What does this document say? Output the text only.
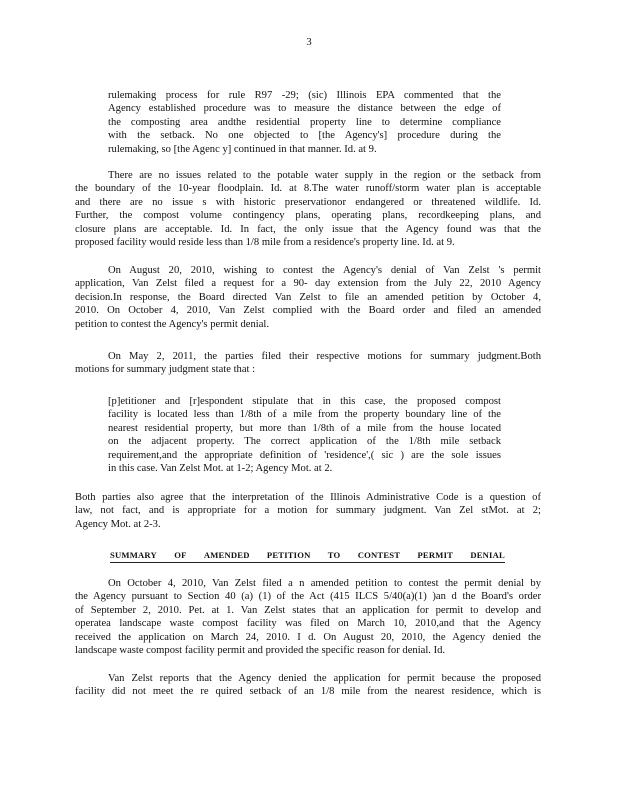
3
rulemaking process for rule R97 -29; (sic) Illinois EPA commented that the
Agency established procedure was to measure the distance between the edge of
the composting area andthe residential property line to determine compliance
with the setback. No one objected to [the Agency's] procedure during the
rulemaking, so [the Agenc y] continued in that manner. Id. at 9.
There are no issues related to the potable water supply in the region or the setback from
the boundary of the 10-year floodplain. Id. at 8.The water runoff/storm water plan is acceptable
and there are no issue s with historic preservationor endangered or threatened wildlife. Id.
Further, the compost volume contingency plans, operating plans, recordkeeping plans, and
closure plans are acceptable. Id. In fact, the only issue that the Agency found was that the
proposed facility would reside less than 1/8 mile from a residence's property line. Id. at 9.
On August 20, 2010, wishing to contest the Agency's denial of Van Zelst 's permit
application, Van Zelst filed a request for a 90- day extension from the July 22, 2010 Agency
decision.In response, the Board directed Van Zelst to file an amended petition by October 4,
2010. On October 4, 2010, Van Zelst complied with the Board order and filed an amended
petition to contest the Agency's permit denial.
On May 2, 2011, the parties filed their respective motions for summary judgment.Both
motions for summary judgment state that :
[p]etitioner and [r]espondent stipulate that in this case, the proposed compost
facility is located less than 1/8th of a mile from the property boundary line of the
nearest residential property, but more than 1/8th of a mile from the house located
on the adjacent property. The correct application of the 1/8th mile setback
requirement,and the appropriate definition of 'residence',( sic ) are the sole issues
in this case. Van Zelst Mot. at 1-2; Agency Mot. at 2.
Both parties also agree that the interpretation of the Illinois Administrative Code is a question of
law, not fact, and is appropriate for a motion for summary judgment. Van Zel stMot. at 2;
Agency Mot. at 2-3.
SUMMARY OF AMENDED PETITION TO CONTEST PERMIT DENIAL
On October 4, 2010, Van Zelst filed a n amended petition to contest the permit denial by
the Agency pursuant to Section 40 (a) (1) of the Act (415 ILCS 5/40(a)(1) )an d the Board's order
of September 2, 2010. Pet. at 1. Van Zelst states that an application for permit to develop and
operatea landscape waste compost facility was filed on March 10, 2010,and that the Agency
received the application on March 24, 2010. I d. On August 20, 2010, the Agency denied the
landscape waste compost facility permit and provided the specific reason for denial. Id.
Van Zelst reports that the Agency denied the application for permit because the proposed
facility did not meet the re quired setback of an 1/8 mile from the nearest residence, which is
